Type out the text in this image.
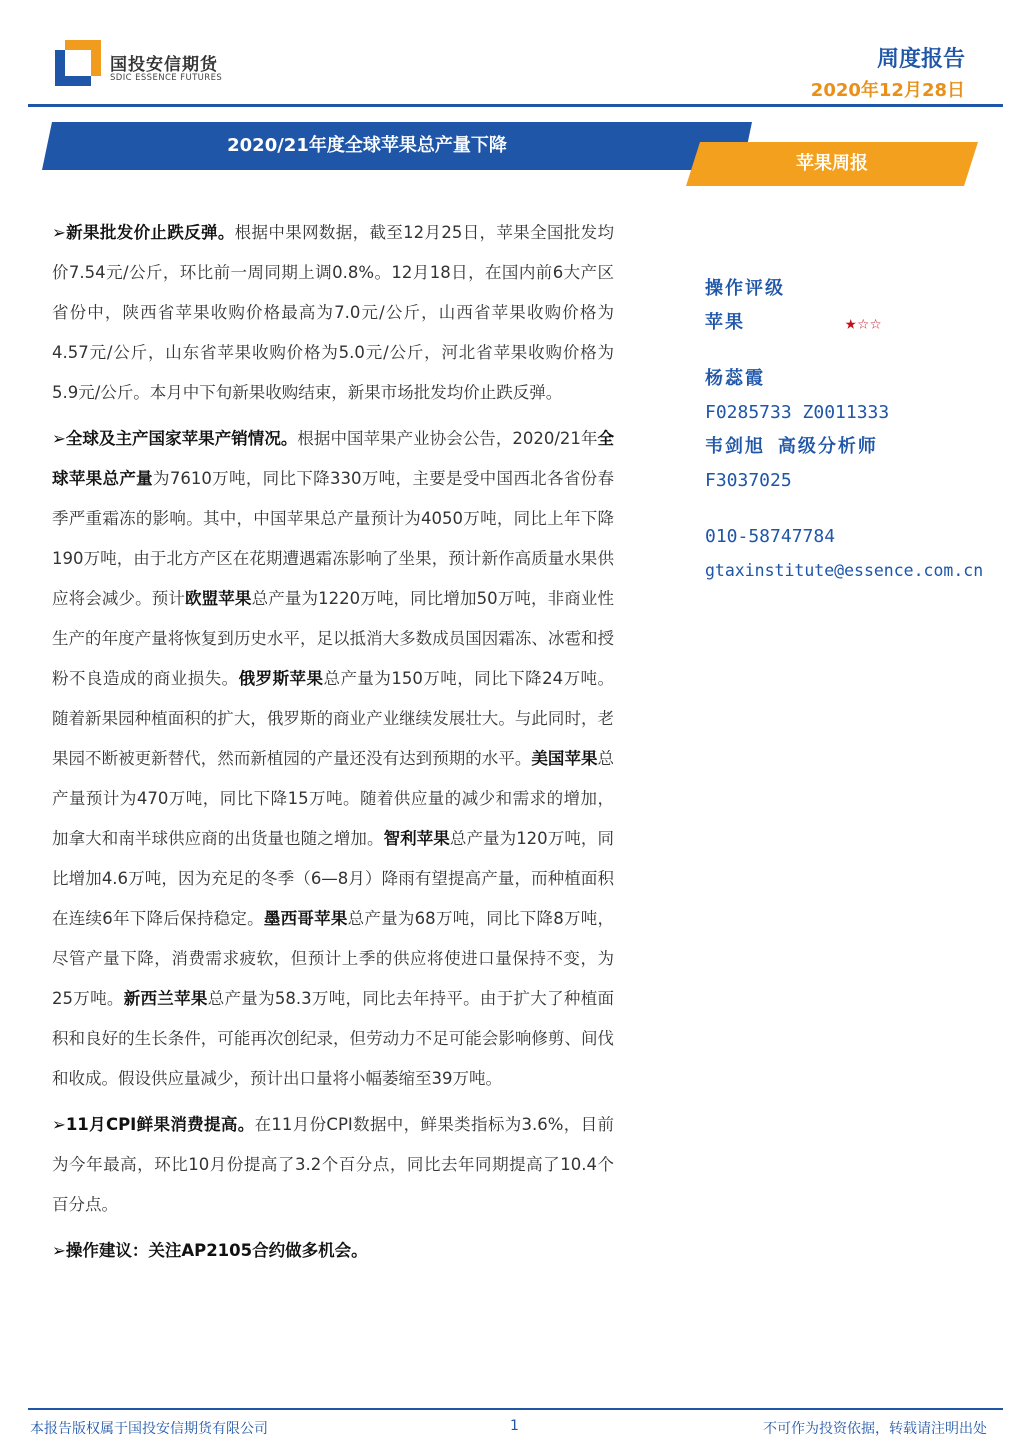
国投安信期货
SDIC ESSENCE FUTURES
周度报告
2020年12月28日
2020/21年度全球苹果总产量下降
苹果周报

➢新果批发价止跌反弹。根据中果网数据，截至12月25日，苹果全国批发均价7.54元/公斤，环比前一周同期上调0.8%。12月18日，在国内前6大产区省份中，陕西省苹果收购价格最高为7.0元/公斤，山西省苹果收购价格为4.57元/公斤，山东省苹果收购价格为5.0元/公斤，河北省苹果收购价格为5.9元/公斤。本月中下旬新果收购结束，新果市场批发均价止跌反弹。

➢全球及主产国家苹果产销情况。根据中国苹果产业协会公告，2020/21年全球苹果总产量为7610万吨，同比下降330万吨，主要是受中国西北各省份春季严重霜冻的影响。其中，中国苹果总产量预计为4050万吨，同比上年下降190万吨，由于北方产区在花期遭遇霜冻影响了坐果，预计新作高质量水果供应将会减少。预计欧盟苹果总产量为1220万吨，同比增加50万吨，非商业性生产的年度产量将恢复到历史水平，足以抵消大多数成员国因霜冻、冰雹和授粉不良造成的商业损失。俄罗斯苹果总产量为150万吨，同比下降24万吨。随着新果园种植面积的扩大，俄罗斯的商业产业继续发展壮大。与此同时，老果园不断被更新替代，然而新植园的产量还没有达到预期的水平。美国苹果总产量预计为470万吨，同比下降15万吨。随着供应量的减少和需求的增加，加拿大和南半球供应商的出货量也随之增加。智利苹果总产量为120万吨，同比增加4.6万吨，因为充足的冬季（6—8月）降雨有望提高产量，而种植面积在连续6年下降后保持稳定。墨西哥苹果总产量为68万吨，同比下降8万吨，尽管产量下降，消费需求疲软，但预计上季的供应将使进口量保持不变，为25万吨。新西兰苹果总产量为58.3万吨，同比去年持平。由于扩大了种植面积和良好的生长条件，可能再次创纪录，但劳动力不足可能会影响修剪、间伐和收成。假设供应量减少，预计出口量将小幅萎缩至39万吨。

➢11月CPI鲜果消费提高。在11月份CPI数据中，鲜果类指标为3.6%，目前为今年最高，环比10月份提高了3.2个百分点，同比去年同期提高了10.4个百分点。

➢操作建议：关注AP2105合约做多机会。

操作评级
苹果	★☆☆
杨蕊霞
F0285733 Z0011333
韦剑旭 高级分析师
F3037025
010-58747784
gtaxinstitute@essence.com.cn
本报告版权属于国投安信期货有限公司	1	不可作为投资依据，转载请注明出处
